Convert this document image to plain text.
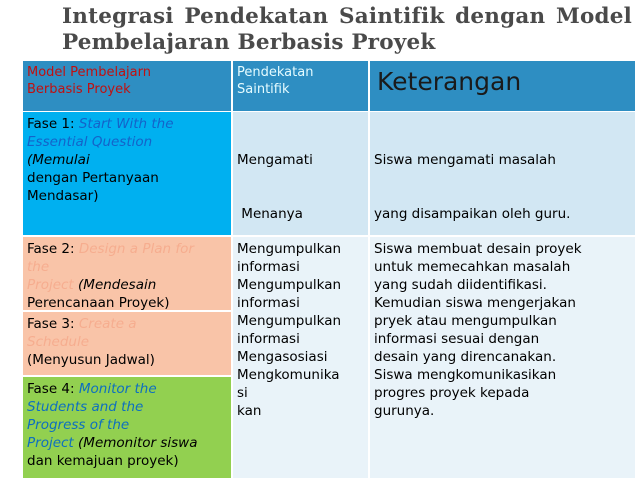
Integrasi Pendekatan Saintifik dengan Model
Pembelajaran Berbasis Proyek
Model Pembelajarn
Berbasis Proyek
Pendekatan
Saintifik	Keterangan
Fase 1: Start With the
Essential Question
(Memulai
dengan Pertanyaan
Mendasar)

Mengamati

Menanya

Siswa mengamati masalah

yang disampaikan oleh guru.

Fase 2: Design a Plan for
the
Project (Mendesain
Perencanaan Proyek)
Fase 3: Create a
Schedule
(Menyusun Jadwal)
Fase 4: Monitor the
Students and the
Progress of the
Project (Memonitor siswa
dan kemajuan proyek)
Mengumpulkan
informasi
Mengumpulkan
informasi
Mengumpulkan
informasi
Mengasosiasi
Mengkomunika
si
kan
Siswa membuat desain proyek
untuk memecahkan masalah
yang sudah diidentifikasi.
Kemudian siswa mengerjakan
pryek atau mengumpulkan
informasi sesuai dengan
desain yang direncanakan.
Siswa mengkomunikasikan
progres proyek kepada
gurunya.
